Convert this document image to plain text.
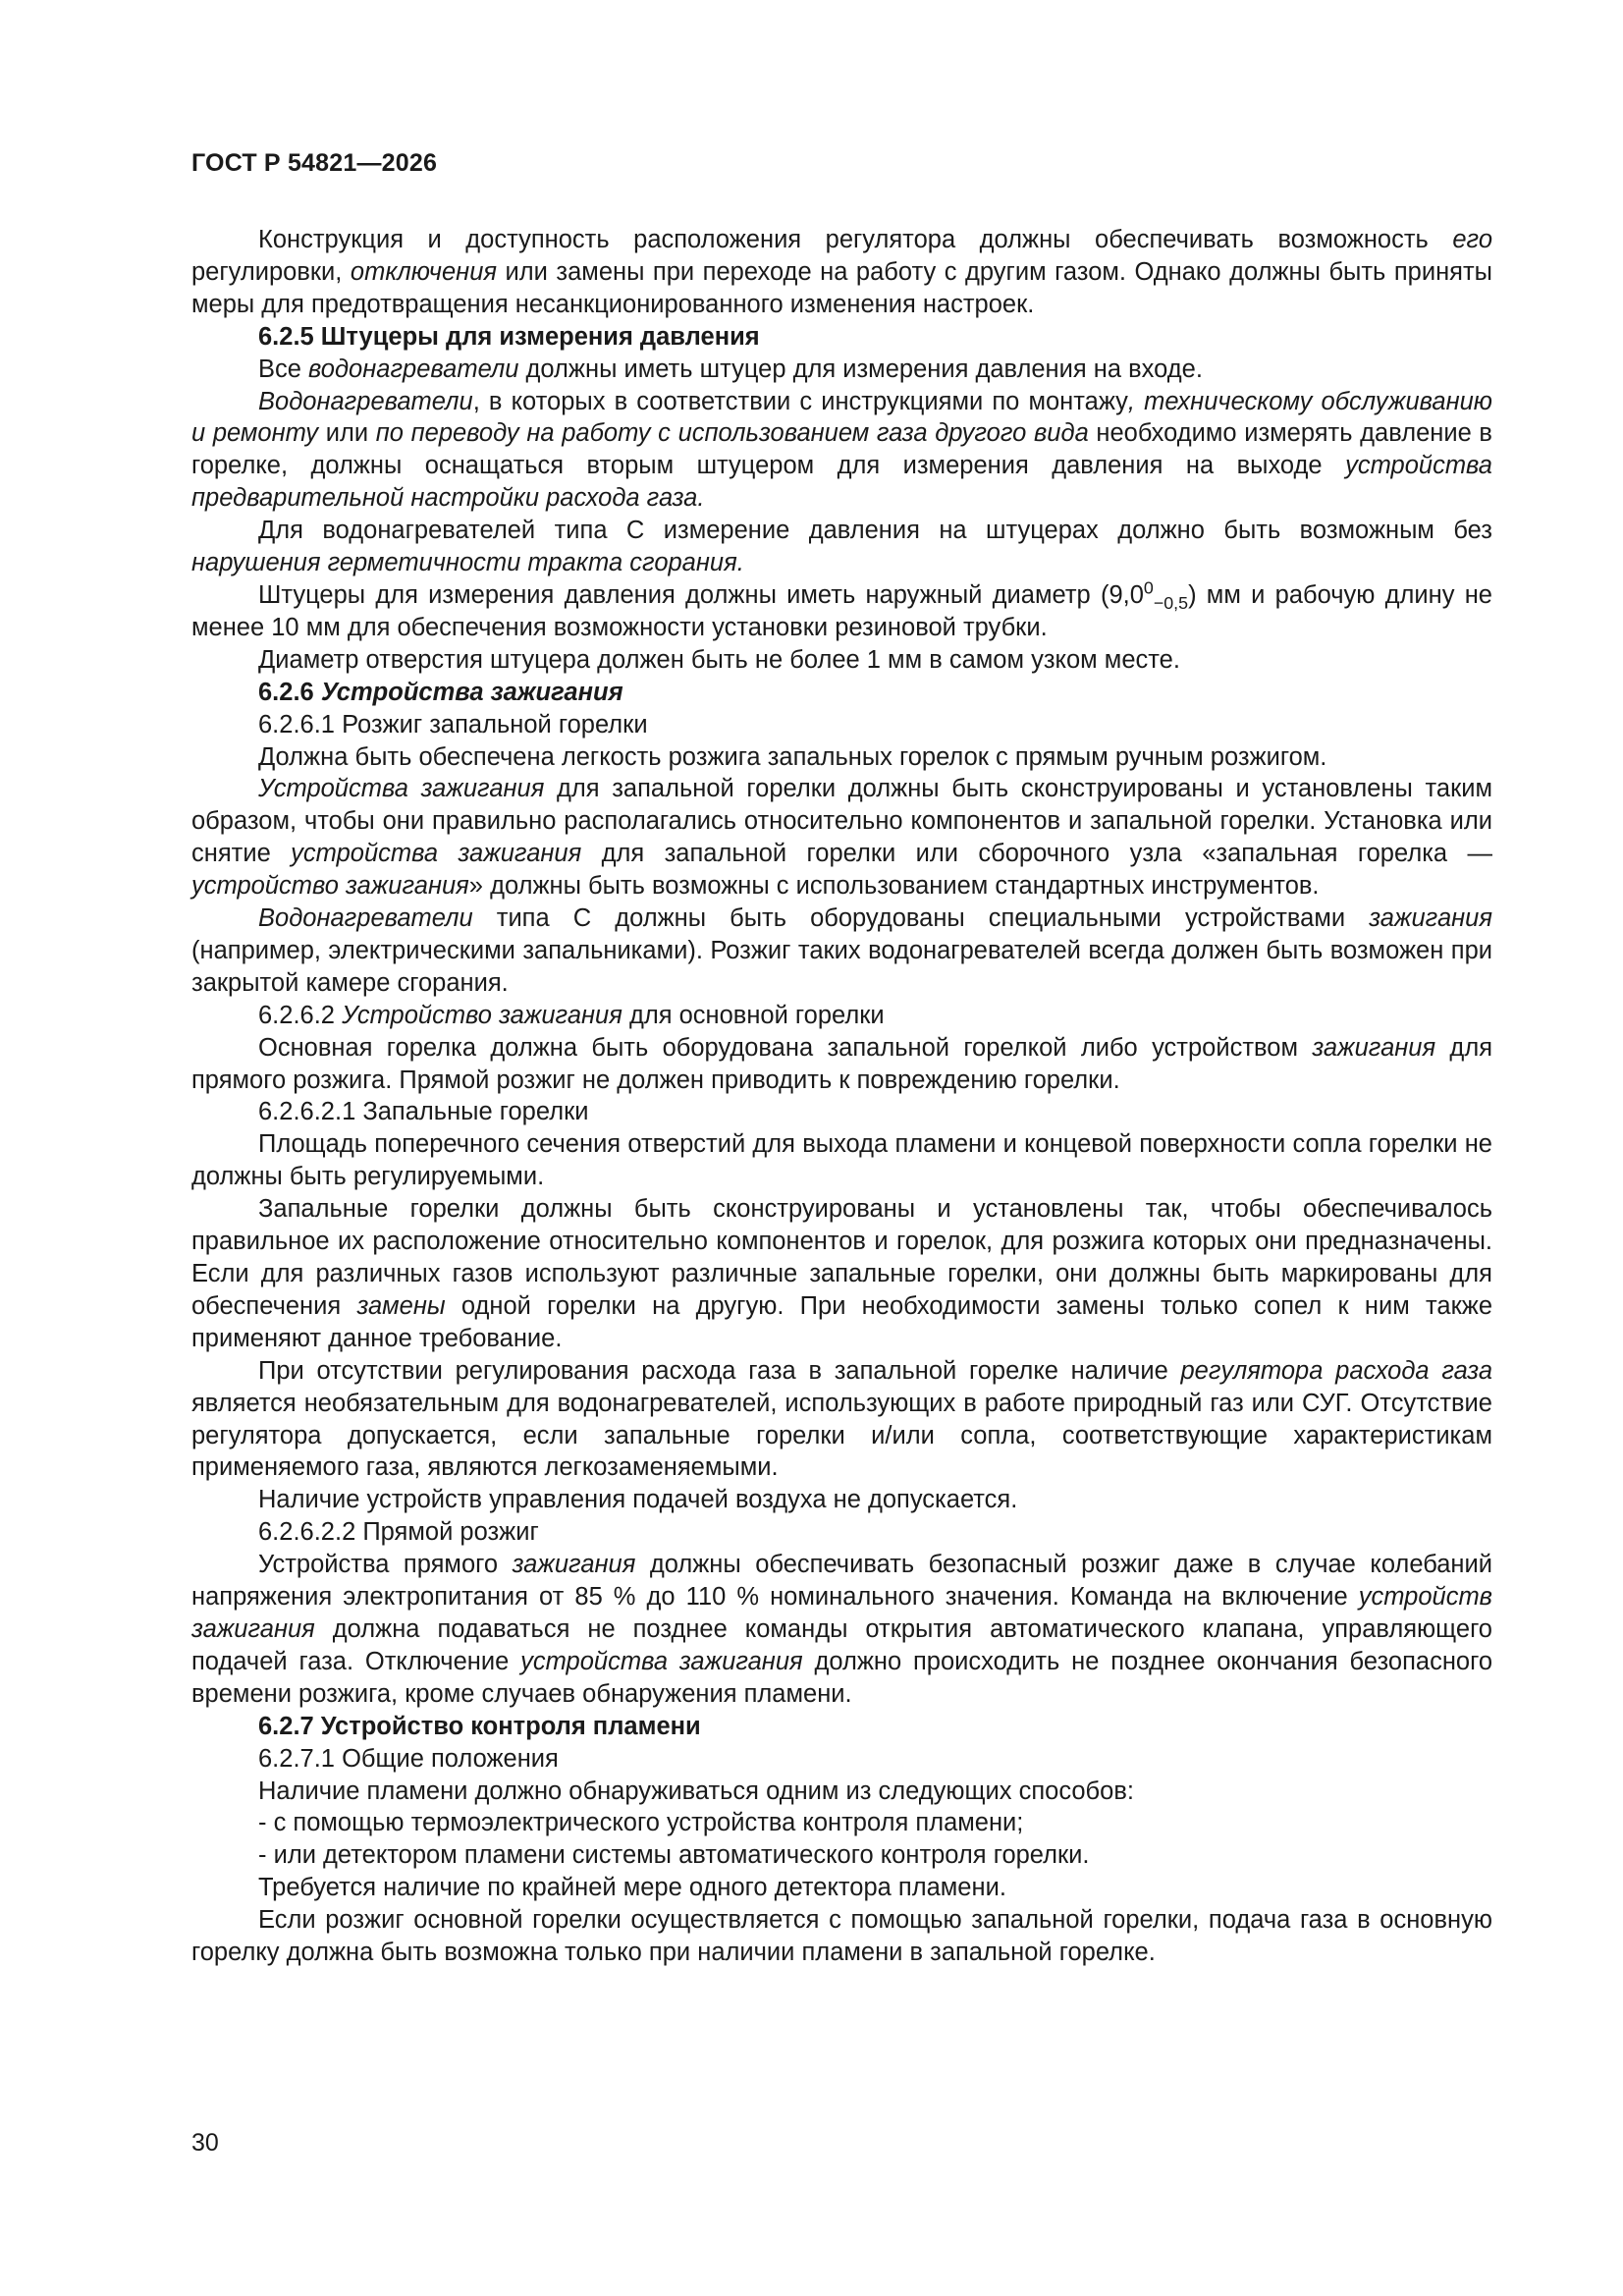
ГОСТ Р 54821—2026

Конструкция и доступность расположения регулятора должны обеспечивать возможность его регулировки, отключения или замены при переходе на работу с другим газом. Однако должны быть приняты меры для предотвращения несанкционированного изменения настроек.

6.2.5 Штуцеры для измерения давления

Все водонагреватели должны иметь штуцер для измерения давления на входе.

Водонагреватели, в которых в соответствии с инструкциями по монтажу, техническому обслуживанию и ремонту или по переводу на работу с использованием газа другого вида необходимо измерять давление в горелке, должны оснащаться вторым штуцером для измерения давления на выходе устройства предварительной настройки расхода газа.

Для водонагревателей типа С измерение давления на штуцерах должно быть возможным без нарушения герметичности тракта сгорания.

Штуцеры для измерения давления должны иметь наружный диаметр $(9,0^0_{-0,5})$ мм и рабочую длину не менее 10 мм для обеспечения возможности установки резиновой трубки.

Диаметр отверстия штуцера должен быть не более 1 мм в самом узком месте.

6.2.6 Устройства зажигания

6.2.6.1 Розжиг запальной горелки

Должна быть обеспечена легкость розжига запальных горелок с прямым ручным розжигом.

Устройства зажигания для запальной горелки должны быть сконструированы и установлены таким образом, чтобы они правильно располагались относительно компонентов и запальной горелки. Установка или снятие устройства зажигания для запальной горелки или сборочного узла «запальная горелка — устройство зажигания» должны быть возможны с использованием стандартных инструментов.

Водонагреватели типа С должны быть оборудованы специальными устройствами зажигания (например, электрическими запальниками). Розжиг таких водонагревателей всегда должен быть возможен при закрытой камере сгорания.

6.2.6.2 Устройство зажигания для основной горелки

Основная горелка должна быть оборудована запальной горелкой либо устройством зажигания для прямого розжига. Прямой розжиг не должен приводить к повреждению горелки.

6.2.6.2.1 Запальные горелки

Площадь поперечного сечения отверстий для выхода пламени и концевой поверхности сопла горелки не должны быть регулируемыми.

Запальные горелки должны быть сконструированы и установлены так, чтобы обеспечивалось правильное их расположение относительно компонентов и горелок, для розжига которых они предназначены. Если для различных газов используют различные запальные горелки, они должны быть маркированы для обеспечения замены одной горелки на другую. При необходимости замены только сопел к ним также применяют данное требование.

При отсутствии регулирования расхода газа в запальной горелке наличие регулятора расхода газа является необязательным для водонагревателей, использующих в работе природный газ или СУГ. Отсутствие регулятора допускается, если запальные горелки и/или сопла, соответствующие характеристикам применяемого газа, являются легкозаменяемыми.

Наличие устройств управления подачей воздуха не допускается.

6.2.6.2.2 Прямой розжиг

Устройства прямого зажигания должны обеспечивать безопасный розжиг даже в случае колебаний напряжения электропитания от 85 % до 110 % номинального значения. Команда на включение устройств зажигания должна подаваться не позднее команды открытия автоматического клапана, управляющего подачей газа. Отключение устройства зажигания должно происходить не позднее окончания безопасного времени розжига, кроме случаев обнаружения пламени.

6.2.7 Устройство контроля пламени

6.2.7.1 Общие положения

Наличие пламени должно обнаруживаться одним из следующих способов:

- с помощью термоэлектрического устройства контроля пламени;

- или детектором пламени системы автоматического контроля горелки.

Требуется наличие по крайней мере одного детектора пламени.

Если розжиг основной горелки осуществляется с помощью запальной горелки, подача газа в основную горелку должна быть возможна только при наличии пламени в запальной горелке.

30
